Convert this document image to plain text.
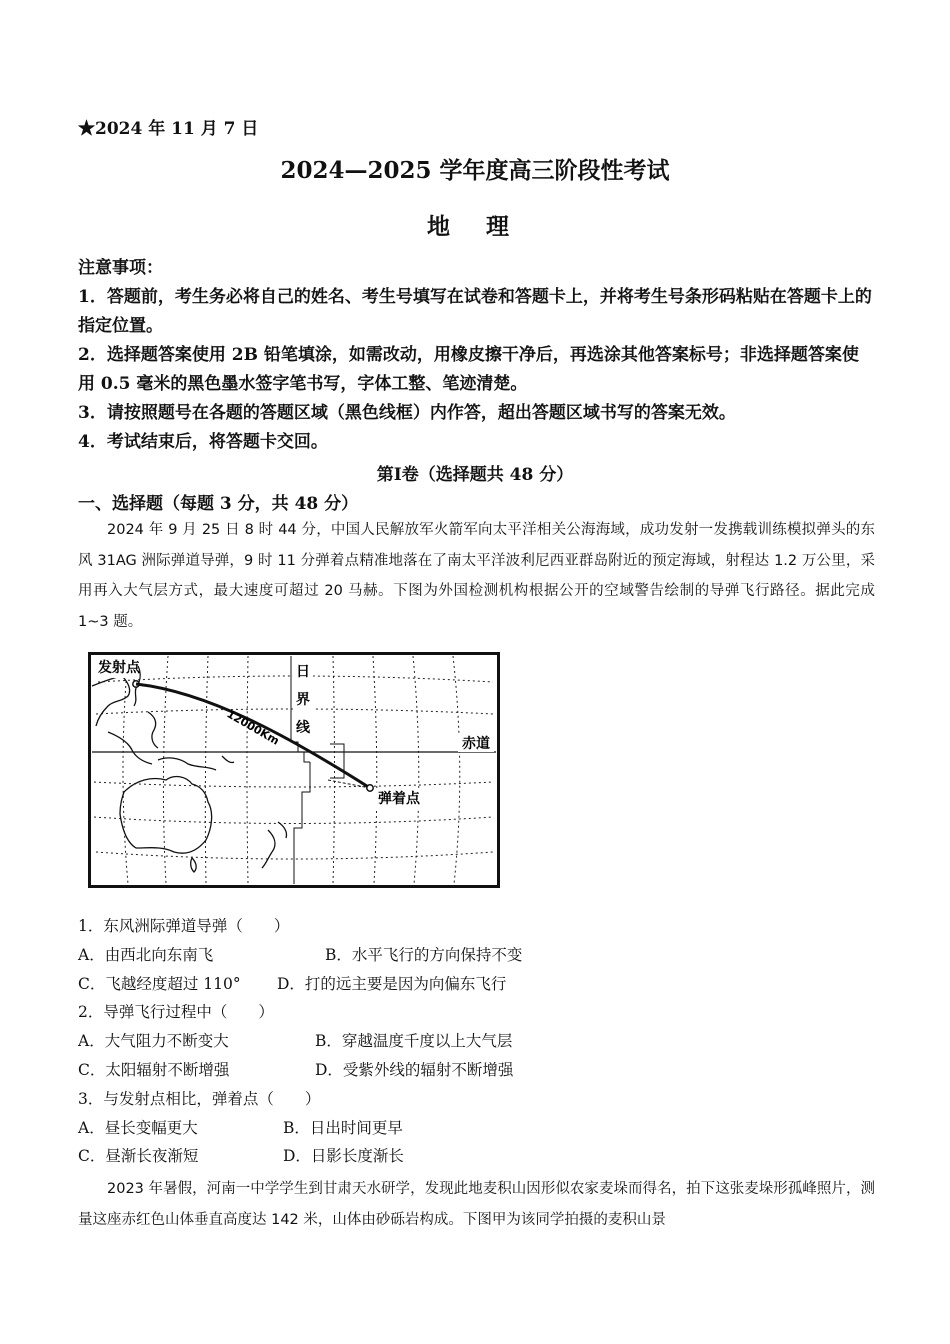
★2024 年 11 月 7 日
2024—2025 学年度高三阶段性考试
地 理

注意事项：

1．答题前，考生务必将自己的姓名、考生号填写在试卷和答题卡上，并将考生号条形码粘贴在答题卡上的指定位置。

2．选择题答案使用 2B 铅笔填涂，如需改动，用橡皮擦干净后，再选涂其他答案标号；非选择题答案使用 0.5 毫米的黑色墨水签字笔书写，字体工整、笔迹清楚。

3．请按照题号在各题的答题区域（黑色线框）内作答，超出答题区域书写的答案无效。

4．考试结束后，将答题卡交回。

第Ⅰ卷（选择题共 48 分）
一、选择题（每题 3 分，共 48 分）

2024 年 9 月 25 日 8 时 44 分，中国人民解放军火箭军向太平洋相关公海海域，成功发射一发携载训练模拟弹头的东风 31AG 洲际弹道导弹，9 时 11 分弹着点精准地落在了南太平洋波利尼西亚群岛附近的预定海域，射程达 1.2 万公里，采用再入大气层方式，最大速度可超过 20 马赫。下图为外国检测机构根据公开的空域警告绘制的导弹飞行路径。据此完成 1~3 题。

发射点	日
界
线
12000Km	赤道
弹着点
1．东风洲际弹道导弹（　　）
A．由西北向东南飞	B．水平飞行的方向保持不变
C．飞越经度超过 110° D．打的远主要是因为向偏东飞行
2．导弹飞行过程中（　　）
A．大气阻力不断变大	B．穿越温度千度以上大气层
C．太阳辐射不断增强	D．受紫外线的辐射不断增强
3．与发射点相比，弹着点（　　）
A．昼长变幅更大	B．日出时间更早
C．昼渐长夜渐短	D．日影长度渐长

2023 年暑假，河南一中学学生到甘肃天水研学，发现此地麦积山因形似农家麦垛而得名，拍下这张麦垛形孤峰照片，测量这座赤红色山体垂直高度达 142 米，山体由砂砾岩构成。下图甲为该同学拍摄的麦积山景
